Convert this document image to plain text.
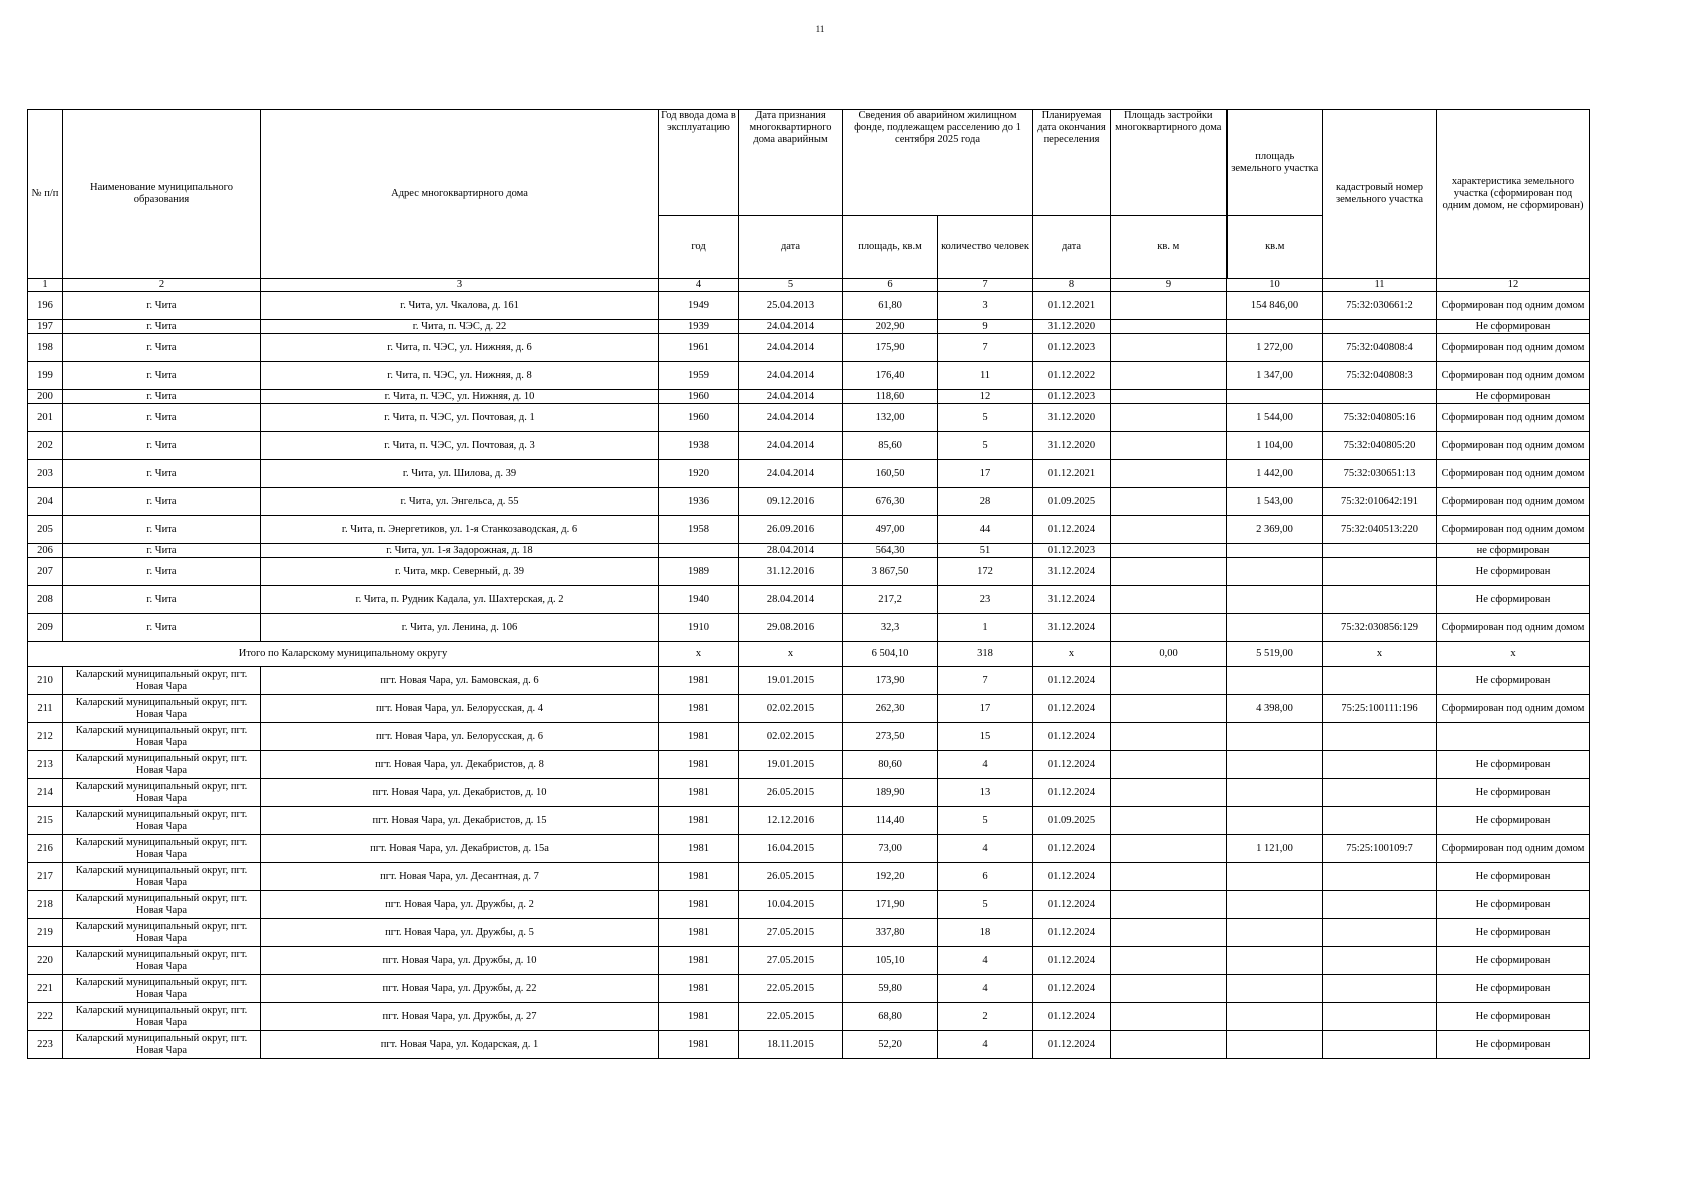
11
№ п/п	Наименование муниципального образования	Адрес многоквартирного дома	Год ввода дома в эксплуатацию	Дата признания многоквартирного дома аварийным	Сведения об аварийном жилищном фонде, подлежащем расселению до 1 сентября 2025 года		Планируемая дата окончания переселения	Площадь застройки многоквартирного дома	площадь земельного участка	кадастровый номер земельного участка	характеристика земельного участка (сформирован под одним домом, не сформирован)
			год	дата	площадь, кв.м	количество человек	дата	кв. м	кв.м		
1	2	3	4	5	6	7	8	9	10	11	12
196	г. Чита	г. Чита, ул. Чкалова, д. 161	1949	25.04.2013	61,80	3	01.12.2021		154 846,00	75:32:030661:2	Сформирован под одним домом
197	г. Чита	г. Чита, п. ЧЭС, д. 22	1939	24.04.2014	202,90	9	31.12.2020				Не сформирован
198	г. Чита	г. Чита, п. ЧЭС, ул. Нижняя, д. 6	1961	24.04.2014	175,90	7	01.12.2023		1 272,00	75:32:040808:4	Сформирован под одним домом
199	г. Чита	г. Чита, п. ЧЭС, ул. Нижняя, д. 8	1959	24.04.2014	176,40	11	01.12.2022		1 347,00	75:32:040808:3	Сформирован под одним домом
200	г. Чита	г. Чита, п. ЧЭС, ул. Нижняя, д. 10	1960	24.04.2014	118,60	12	01.12.2023				Не сформирован
201	г. Чита	г. Чита, п. ЧЭС, ул. Почтовая, д. 1	1960	24.04.2014	132,00	5	31.12.2020		1 544,00	75:32:040805:16	Сформирован под одним домом
202	г. Чита	г. Чита, п. ЧЭС, ул. Почтовая, д. 3	1938	24.04.2014	85,60	5	31.12.2020		1 104,00	75:32:040805:20	Сформирован под одним домом
203	г. Чита	г. Чита, ул. Шилова, д. 39	1920	24.04.2014	160,50	17	01.12.2021		1 442,00	75:32:030651:13	Сформирован под одним домом
204	г. Чита	г. Чита, ул. Энгельса, д. 55	1936	09.12.2016	676,30	28	01.09.2025		1 543,00	75:32:010642:191	Сформирован под одним домом
205	г. Чита	г. Чита, п. Энергетиков, ул. 1-я Станкозаводская, д. 6	1958	26.09.2016	497,00	44	01.12.2024		2 369,00	75:32:040513:220	Сформирован под одним домом
206	г. Чита	г. Чита, ул. 1-я Задорожная, д. 18		28.04.2014	564,30	51	01.12.2023				не сформирован
207	г. Чита	г. Чита, мкр. Северный, д. 39	1989	31.12.2016	3 867,50	172	31.12.2024				Не сформирован
208	г. Чита	г. Чита, п. Рудник Кадала, ул. Шахтерская, д. 2	1940	28.04.2014	217,2	23	31.12.2024				Не сформирован
209	г. Чита	г. Чита, ул. Ленина, д. 106	1910	29.08.2016	32,3	1	31.12.2024			75:32:030856:129	Сформирован под одним домом
Итого по Каларскому муниципальному округу			x	x	6 504,10	318	x	0,00	5 519,00	x	x
210	Каларский муниципальный округ, пгт. Новая Чара	пгт. Новая Чара, ул. Бамовская, д. 6	1981	19.01.2015	173,90	7	01.12.2024				Не сформирован
211	Каларский муниципальный округ, пгт. Новая Чара	пгт. Новая Чара, ул. Белорусская, д. 4	1981	02.02.2015	262,30	17	01.12.2024		4 398,00	75:25:100111:196	Сформирован под одним домом
212	Каларский муниципальный округ, пгт. Новая Чара	пгт. Новая Чара, ул. Белорусская, д. 6	1981	02.02.2015	273,50	15	01.12.2024				
213	Каларский муниципальный округ, пгт. Новая Чара	пгт. Новая Чара, ул. Декабристов, д. 8	1981	19.01.2015	80,60	4	01.12.2024				Не сформирован
214	Каларский муниципальный округ, пгт. Новая Чара	пгт. Новая Чара, ул. Декабристов, д. 10	1981	26.05.2015	189,90	13	01.12.2024				Не сформирован
215	Каларский муниципальный округ, пгт. Новая Чара	пгт. Новая Чара, ул. Декабристов, д. 15	1981	12.12.2016	114,40	5	01.09.2025				Не сформирован
216	Каларский муниципальный округ, пгт. Новая Чара	пгт. Новая Чара, ул. Декабристов, д. 15а	1981	16.04.2015	73,00	4	01.12.2024		1 121,00	75:25:100109:7	Сформирован под одним домом
217	Каларский муниципальный округ, пгт. Новая Чара	пгт. Новая Чара, ул. Десантная, д. 7	1981	26.05.2015	192,20	6	01.12.2024				Не сформирован
218	Каларский муниципальный округ, пгт. Новая Чара	пгт. Новая Чара, ул. Дружбы, д. 2	1981	10.04.2015	171,90	5	01.12.2024				Не сформирован
219	Каларский муниципальный округ, пгт. Новая Чара	пгт. Новая Чара, ул. Дружбы, д. 5	1981	27.05.2015	337,80	18	01.12.2024				Не сформирован
220	Каларский муниципальный округ, пгт. Новая Чара	пгт. Новая Чара, ул. Дружбы, д. 10	1981	27.05.2015	105,10	4	01.12.2024				Не сформирован
221	Каларский муниципальный округ, пгт. Новая Чара	пгт. Новая Чара, ул. Дружбы, д. 22	1981	22.05.2015	59,80	4	01.12.2024				Не сформирован
222	Каларский муниципальный округ, пгт. Новая Чара	пгт. Новая Чара, ул. Дружбы, д. 27	1981	22.05.2015	68,80	2	01.12.2024				Не сформирован
223	Каларский муниципальный округ, пгт. Новая Чара	пгт. Новая Чара, ул. Кодарская, д. 1	1981	18.11.2015	52,20	4	01.12.2024				Не сформирован
